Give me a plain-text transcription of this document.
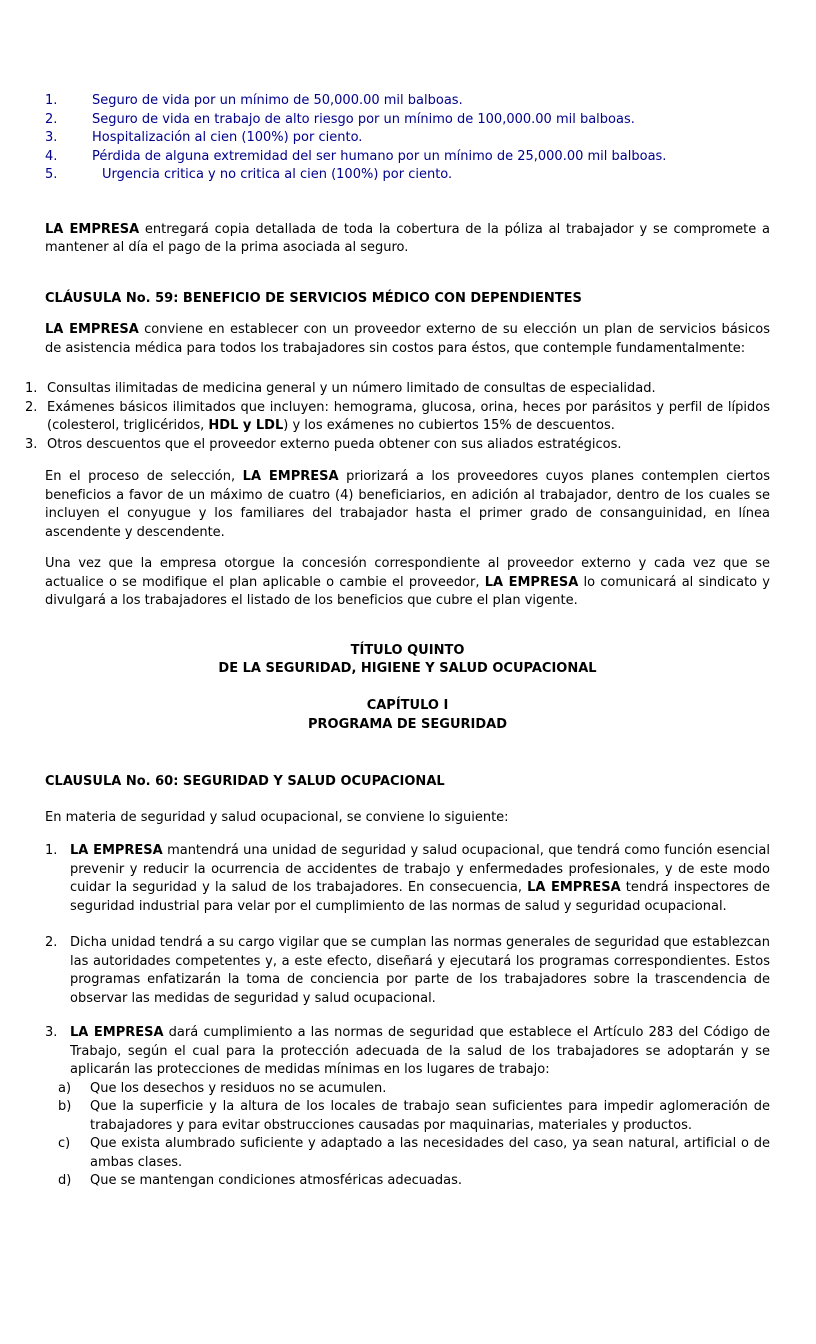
1.	Seguro de vida por un mínimo de 50,000.00 mil balboas.
2.	Seguro de vida en trabajo de alto riesgo por un mínimo de 100,000.00 mil balboas.
3.	Hospitalización al cien (100%) por ciento.
4.	Pérdida de alguna extremidad del ser humano por un mínimo de 25,000.00 mil balboas.
5.	Urgencia critica y no critica al cien (100%) por ciento.

LA EMPRESA entregará copia detallada de toda la cobertura de la póliza al trabajador y se compromete a mantener al día el pago de la prima asociada al seguro.

CLÁUSULA No. 59: BENEFICIO DE SERVICIOS MÉDICO CON DEPENDIENTES

LA EMPRESA conviene en establecer con un proveedor externo de su elección un plan de servicios básicos de asistencia médica para todos los trabajadores sin costos para éstos, que contemple fundamentalmente:

1. Consultas ilimitadas de medicina general y un número limitado de consultas de especialidad.
2. Exámenes básicos ilimitados que incluyen: hemograma, glucosa, orina, heces por parásitos y perfil de lípidos (colesterol, triglicéridos, HDL y LDL) y los exámenes no cubiertos 15% de descuentos.
3. Otros descuentos que el proveedor externo pueda obtener con sus aliados estratégicos.

En el proceso de selección, LA EMPRESA priorizará a los proveedores cuyos planes contemplen ciertos beneficios a favor de un máximo de cuatro (4) beneficiarios, en adición al trabajador, dentro de los cuales se incluyen el conyugue y los familiares del trabajador hasta el primer grado de consanguinidad, en línea ascendente y descendente.

Una vez que la empresa otorgue la concesión correspondiente al proveedor externo y cada vez que se actualice o se modifique el plan aplicable o cambie el proveedor, LA EMPRESA lo comunicará al sindicato y divulgará a los trabajadores el listado de los beneficios que cubre el plan vigente.

TÍTULO QUINTO
DE LA SEGURIDAD, HIGIENE Y SALUD OCUPACIONAL
CAPÍTULO I
PROGRAMA DE SEGURIDAD
CLAUSULA No. 60: SEGURIDAD Y SALUD OCUPACIONAL

En materia de seguridad y salud ocupacional, se conviene lo siguiente:

1. LA EMPRESA mantendrá una unidad de seguridad y salud ocupacional, que tendrá como función esencial prevenir y reducir la ocurrencia de accidentes de trabajo y enfermedades profesionales, y de este modo cuidar la seguridad y la salud de los trabajadores. En consecuencia, LA EMPRESA tendrá inspectores de seguridad industrial para velar por el cumplimiento de las normas de salud y seguridad ocupacional.
2. Dicha unidad tendrá a su cargo vigilar que se cumplan las normas generales de seguridad que establezcan las autoridades competentes y, a este efecto, diseñará y ejecutará los programas correspondientes. Estos programas enfatizarán la toma de conciencia por parte de los trabajadores sobre la trascendencia de observar las medidas de seguridad y salud ocupacional.
3. LA EMPRESA dará cumplimiento a las normas de seguridad que establece el Artículo 283 del Código de Trabajo, según el cual para la protección adecuada de la salud de los trabajadores se adoptarán y se aplicarán las protecciones de medidas mínimas en los lugares de trabajo:
a)	Que los desechos y residuos no se acumulen.
b)	Que la superficie y la altura de los locales de trabajo sean suficientes para impedir aglomeración de trabajadores y para evitar obstrucciones causadas por maquinarias, materiales y productos.
c)	Que exista alumbrado suficiente y adaptado a las necesidades del caso, ya sean natural, artificial o de ambas clases.
d)	Que se mantengan condiciones atmosféricas adecuadas.
